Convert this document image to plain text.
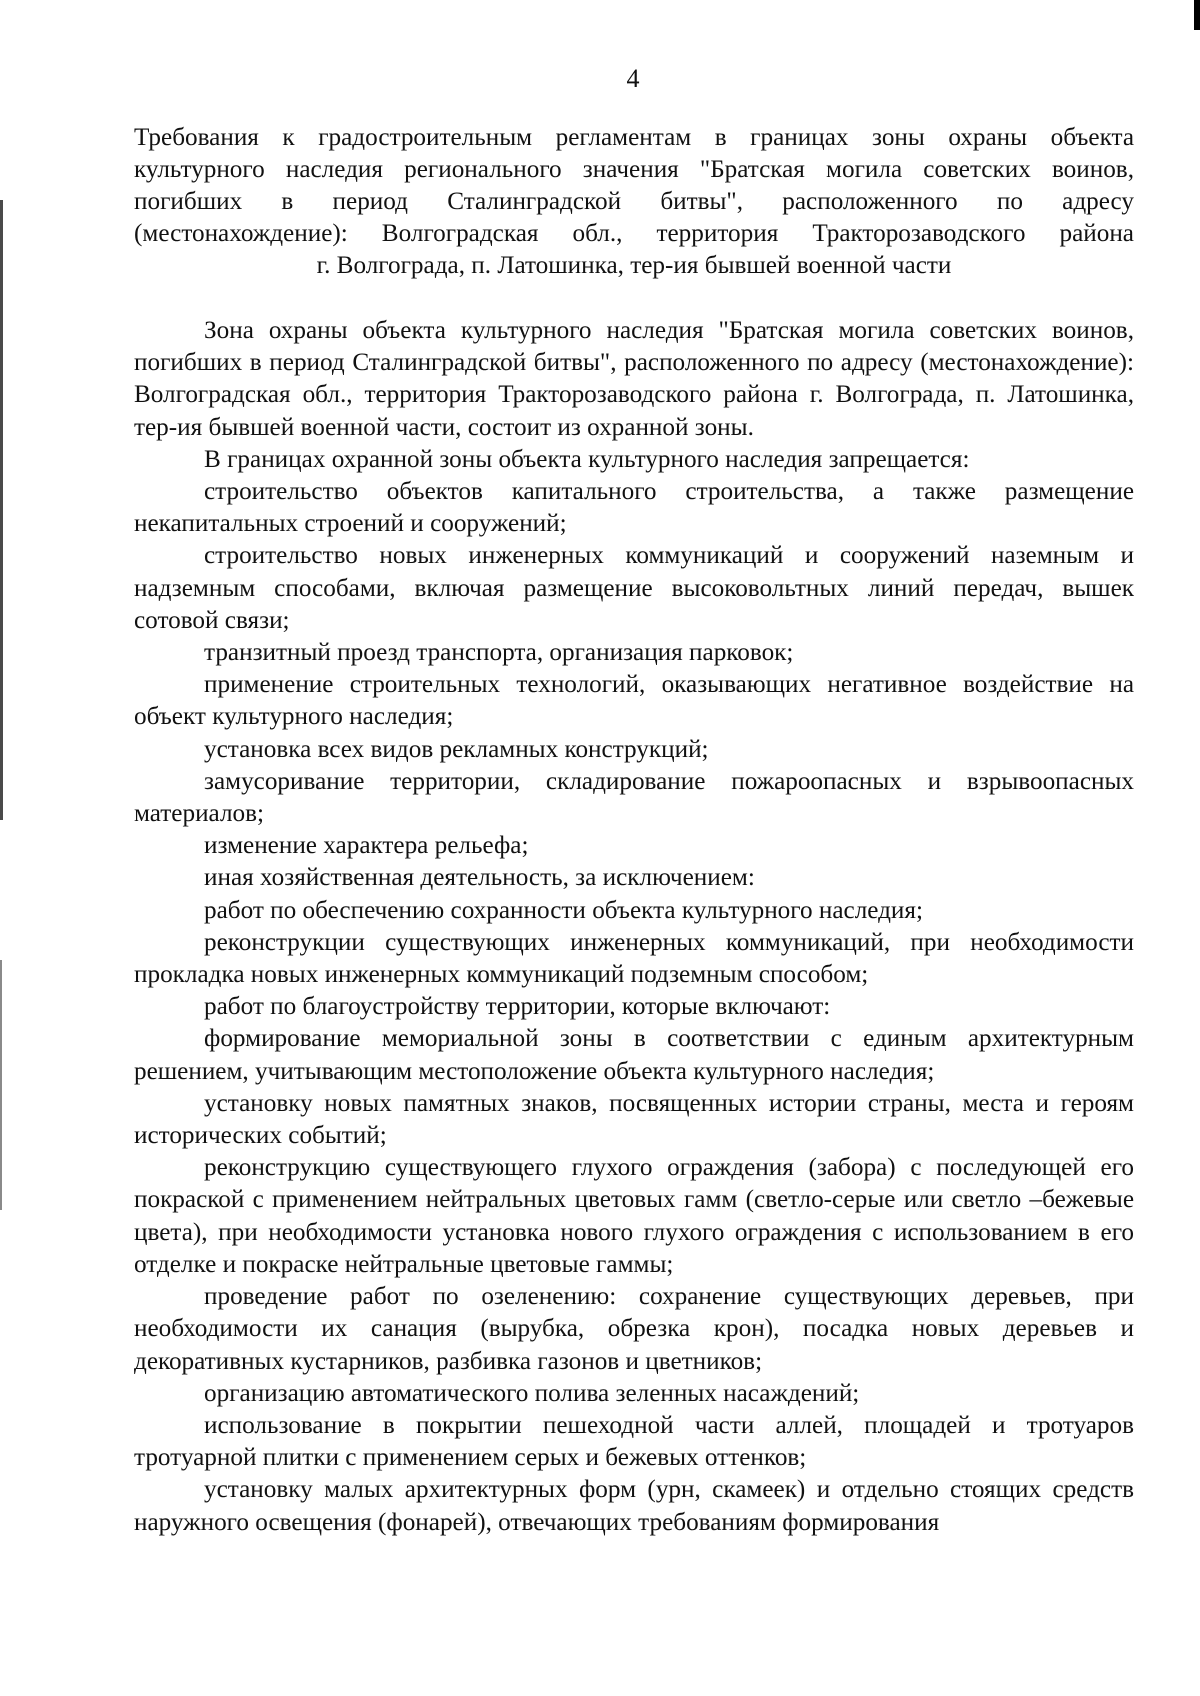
4
Требования к градостроительным регламентам в границах зоны охраны объекта
культурного наследия регионального значения "Братская могила советских воинов,
погибших в период Сталинградской битвы", расположенного по адресу
(местонахождение): Волгоградская обл., территория Тракторозаводского района
г. Волгограда, п. Латошинка, тер-ия бывшей военной части

Зона охраны объекта культурного наследия "Братская могила советских воинов, погибших в период Сталинградской битвы", расположенного по адресу (местонахождение): Волгоградская обл., территория Тракторозаводского района г. Волгограда, п. Латошинка, тер-ия бывшей военной части, состоит из охранной зоны.

В границах охранной зоны объекта культурного наследия запрещается:

строительство объектов капитального строительства, а также размещение некапитальных строений и сооружений;

строительство новых инженерных коммуникаций и сооружений наземным и надземным способами, включая размещение высоковольтных линий передач, вышек сотовой связи;

транзитный проезд транспорта, организация парковок;

применение строительных технологий, оказывающих негативное воздействие на объект культурного наследия;

установка всех видов рекламных конструкций;

замусоривание территории, складирование пожароопасных и взрывоопасных материалов;

изменение характера рельефа;

иная хозяйственная деятельность, за исключением:

работ по обеспечению сохранности объекта культурного наследия;

реконструкции существующих инженерных коммуникаций, при необходимости прокладка новых инженерных коммуникаций подземным способом;

работ по благоустройству территории, которые включают:

формирование мемориальной зоны в соответствии с единым архитектурным решением, учитывающим местоположение объекта культурного наследия;

установку новых памятных знаков, посвященных истории страны, места и героям исторических событий;

реконструкцию существующего глухого ограждения (забора) с последующей его покраской с применением нейтральных цветовых гамм (светло-серые или светло –бежевые цвета), при необходимости установка нового глухого ограждения с использованием в его отделке и покраске нейтральные цветовые гаммы;

проведение работ по озеленению: сохранение существующих деревьев, при необходимости их санация (вырубка, обрезка крон), посадка новых деревьев и декоративных кустарников, разбивка газонов и цветников;

организацию автоматического полива зеленных насаждений;

использование в покрытии пешеходной части аллей, площадей и тротуаров тротуарной плитки с применением серых и бежевых оттенков;

установку малых архитектурных форм (урн, скамеек) и отдельно стоящих средств наружного освещения (фонарей), отвечающих требованиям формирования
